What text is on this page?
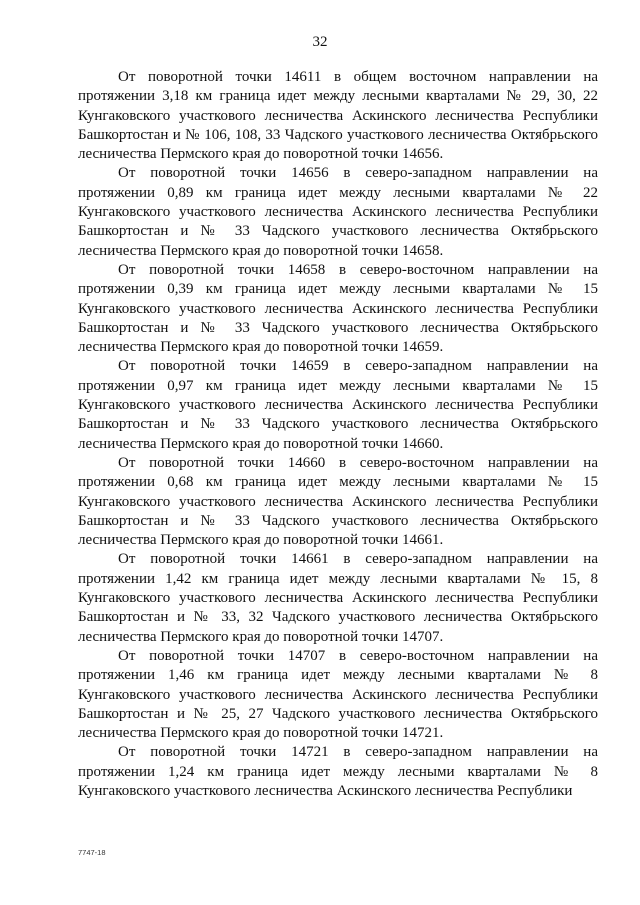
32

От поворотной точки 14611 в общем восточном направлении на протяжении 3,18 км граница идет между лесными кварталами № 29, 30, 22 Кунгаковского участкового лесничества Аскинского лесничества Республики Башкортостан и № 106, 108, 33 Чадского участкового лесничества Октябрьского лесничества Пермского края до поворотной точки 14656.

От поворотной точки 14656 в северо-западном направлении на протяжении 0,89 км граница идет между лесными кварталами № 22 Кунгаковского участкового лесничества Аскинского лесничества Республики Башкортостан и № 33 Чадского участкового лесничества Октябрьского лесничества Пермского края до поворотной точки 14658.

От поворотной точки 14658 в северо-восточном направлении на протяжении 0,39 км граница идет между лесными кварталами № 15 Кунгаковского участкового лесничества Аскинского лесничества Республики Башкортостан и № 33 Чадского участкового лесничества Октябрьского лесничества Пермского края до поворотной точки 14659.

От поворотной точки 14659 в северо-западном направлении на протяжении 0,97 км граница идет между лесными кварталами № 15 Кунгаковского участкового лесничества Аскинского лесничества Республики Башкортостан и № 33 Чадского участкового лесничества Октябрьского лесничества Пермского края до поворотной точки 14660.

От поворотной точки 14660 в северо-восточном направлении на протяжении 0,68 км граница идет между лесными кварталами № 15 Кунгаковского участкового лесничества Аскинского лесничества Республики Башкортостан и № 33 Чадского участкового лесничества Октябрьского лесничества Пермского края до поворотной точки 14661.

От поворотной точки 14661 в северо-западном направлении на протяжении 1,42 км граница идет между лесными кварталами № 15, 8 Кунгаковского участкового лесничества Аскинского лесничества Республики Башкортостан и № 33, 32 Чадского участкового лесничества Октябрьского лесничества Пермского края до поворотной точки 14707.

От поворотной точки 14707 в северо-восточном направлении на протяжении 1,46 км граница идет между лесными кварталами № 8 Кунгаковского участкового лесничества Аскинского лесничества Республики Башкортостан и № 25, 27 Чадского участкового лесничества Октябрьского лесничества Пермского края до поворотной точки 14721.

От поворотной точки 14721 в северо-западном направлении на протяжении 1,24 км граница идет между лесными кварталами № 8 Кунгаковского участкового лесничества Аскинского лесничества Республики

7747-18
